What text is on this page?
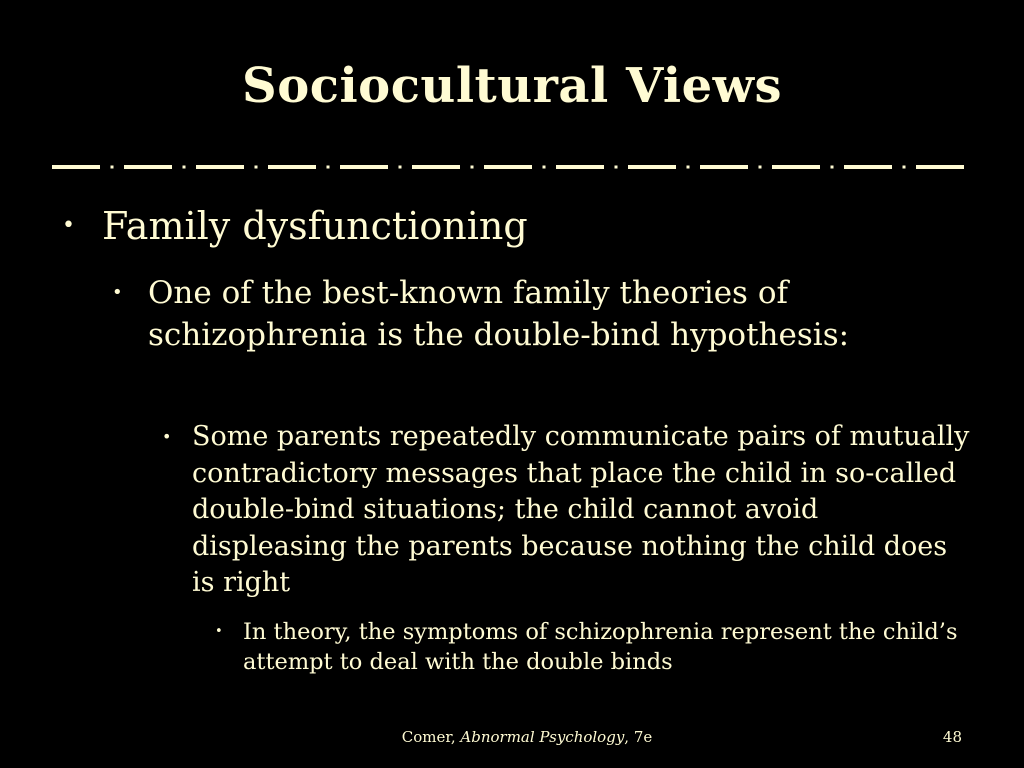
Sociocultural Views
• Family dysfunctioning
• One of the best-known family theories of schizophrenia is the double-bind hypothesis:
• Some parents repeatedly communicate pairs of mutually contradictory messages that place the child in so-called double-bind situations; the child cannot avoid displeasing the parents because nothing the child does is right
• In theory, the symptoms of schizophrenia represent the child’s attempt to deal with the double binds
Comer, Abnormal Psychology, 7e	48
